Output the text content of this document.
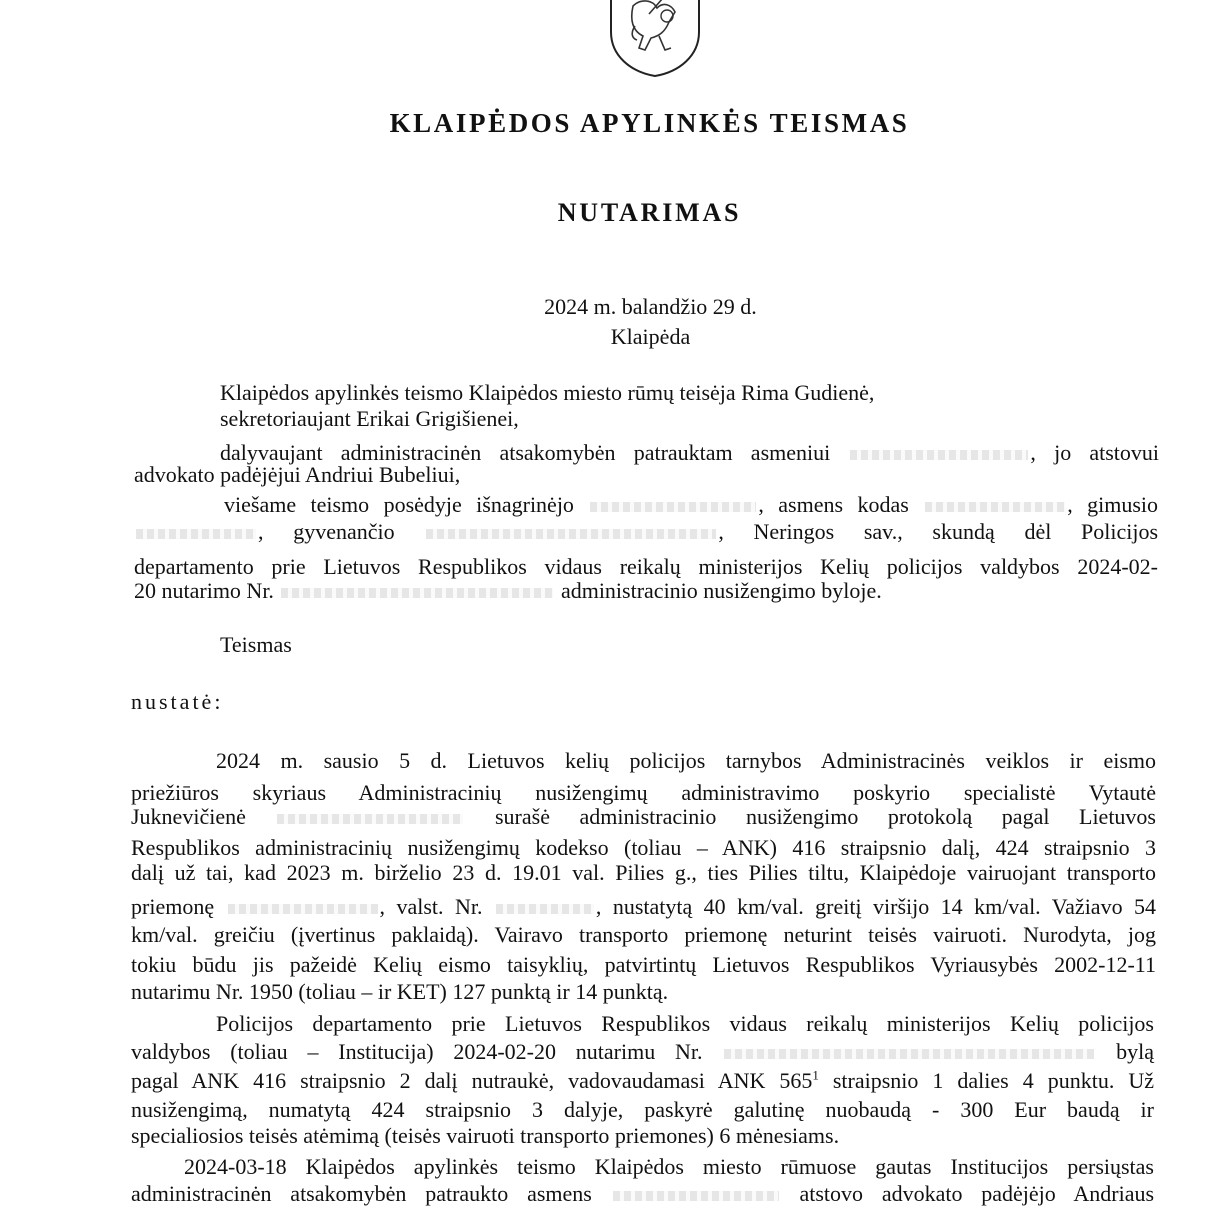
KLAIPĖDOS APYLINKĖS TEISMAS
NUTARIMAS
2024 m. balandžio 29 d.
Klaipėda
Klaipėdos apylinkės teismo Klaipėdos miesto rūmų teisėja Rima Gudienė,
sekretoriaujant Erikai Grigišienei,
dalyvaujant administracinėn atsakomybėn patrauktam asmeniui	, jo atstovui
advokato padėjėjui Andriui Bubeliui,
viešame teismo posėdyje išnagrinėjo	, asmens kodas	, gimusio
, gyvenančio	, Neringos sav., skundą dėl Policijos
departamento prie Lietuvos Respublikos vidaus reikalų ministerijos Kelių policijos valdybos 2024-02-
20 nutarimo Nr.	administracinio nusižengimo byloje.
Teismas
nustatė:
2024 m. sausio 5 d. Lietuvos kelių policijos tarnybos Administracinės veiklos ir eismo
priežiūros skyriaus Administracinių nusižengimų administravimo poskyrio specialistė Vytautė
Juknevičienė	surašė administracinio nusižengimo protokolą pagal Lietuvos
Respublikos administracinių nusižengimų kodekso (toliau – ANK) 416 straipsnio dalį, 424 straipsnio 3
dalį už tai, kad 2023 m. birželio 23 d. 19.01 val. Pilies g., ties Pilies tiltu, Klaipėdoje vairuojant transporto
priemonę	, valst. Nr.	, nustatytą 40 km/val. greitį viršijo 14 km/val. Važiavo 54
km/val. greičiu (įvertinus paklaidą). Vairavo transporto priemonę neturint teisės vairuoti. Nurodyta, jog
tokiu būdu jis pažeidė Kelių eismo taisyklių, patvirtintų Lietuvos Respublikos Vyriausybės 2002-12-11
nutarimu Nr. 1950 (toliau – ir KET) 127 punktą ir 14 punktą.
Policijos departamento prie Lietuvos Respublikos vidaus reikalų ministerijos Kelių policijos
valdybos (toliau – Institucija) 2024-02-20 nutarimu Nr.	bylą
pagal ANK 416 straipsnio 2 dalį nutraukė, vadovaudamasi ANK $565^1$ straipsnio 1 dalies 4 punktu. Už
nusižengimą, numatytą 424 straipsnio 3 dalyje, paskyrė galutinę nuobaudą - 300 Eur baudą ir
specialiosios teisės atėmimą (teisės vairuoti transporto priemones) 6 mėnesiams.
2024-03-18 Klaipėdos apylinkės teismo Klaipėdos miesto rūmuose gautas Institucijos persiųstas
administracinėn atsakomybėn patraukto asmens	atstovo advokato padėjėjo Andriaus
